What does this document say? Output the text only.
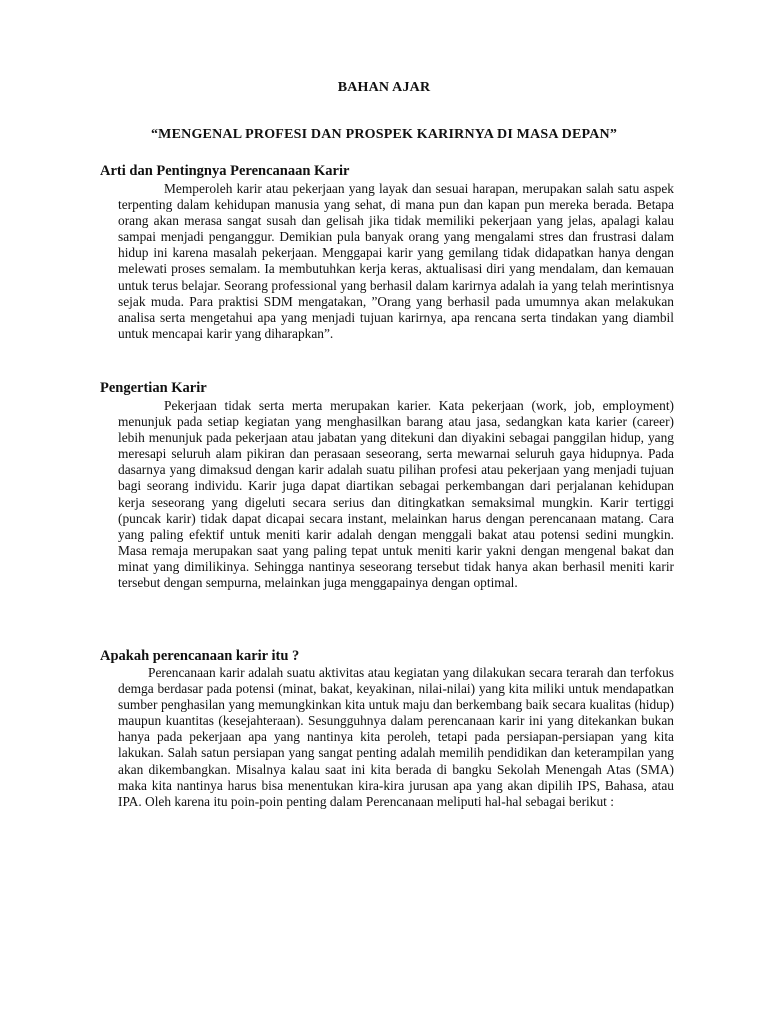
BAHAN AJAR
“MENGENAL PROFESI DAN PROSPEK KARIRNYA DI MASA DEPAN”
Arti dan Pentingnya Perencanaan Karir

Memperoleh karir atau pekerjaan yang layak dan sesuai harapan, merupakan salah satu aspek terpenting dalam kehidupan manusia yang sehat, di mana pun dan kapan pun mereka berada. Betapa orang akan merasa sangat susah dan gelisah jika tidak memiliki pekerjaan yang jelas, apalagi kalau sampai menjadi penganggur. Demikian pula banyak orang yang mengalami stres dan frustrasi dalam hidup ini karena masalah pekerjaan. Menggapai karir yang gemilang tidak didapatkan hanya dengan melewati proses semalam. Ia membutuhkan kerja keras, aktualisasi diri yang mendalam, dan kemauan untuk terus belajar. Seorang professional yang berhasil dalam karirnya adalah ia yang telah merintisnya sejak muda. Para praktisi SDM mengatakan, ”Orang yang berhasil pada umumnya akan melakukan analisa serta mengetahui apa yang menjadi tujuan karirnya, apa rencana serta tindakan yang diambil untuk mencapai karir yang diharapkan”.

Pengertian Karir

Pekerjaan tidak serta merta merupakan karier. Kata pekerjaan (work, job, employment) menunjuk pada setiap kegiatan yang menghasilkan barang atau jasa, sedangkan kata karier (career) lebih menunjuk pada pekerjaan atau jabatan yang ditekuni dan diyakini sebagai panggilan hidup, yang meresapi seluruh alam pikiran dan perasaan seseorang, serta mewarnai seluruh gaya hidupnya. Pada dasarnya yang dimaksud dengan karir adalah suatu pilihan profesi atau pekerjaan yang menjadi tujuan bagi seorang individu. Karir juga dapat diartikan sebagai perkembangan dari perjalanan kehidupan kerja seseorang yang digeluti secara serius dan ditingkatkan semaksimal mungkin. Karir tertiggi (puncak karir) tidak dapat dicapai secara instant, melainkan harus dengan perencanaan matang. Cara yang paling efektif untuk meniti karir adalah dengan menggali bakat atau potensi sedini mungkin. Masa remaja merupakan saat yang paling tepat untuk meniti karir yakni dengan mengenal bakat dan minat yang dimilikinya. Sehingga nantinya seseorang tersebut tidak hanya akan berhasil meniti karir tersebut dengan sempurna, melainkan juga menggapainya dengan optimal.

Apakah perencanaan karir itu ?

Perencanaan karir adalah suatu aktivitas atau kegiatan yang dilakukan secara terarah dan terfokus demga berdasar pada potensi (minat, bakat, keyakinan, nilai-nilai) yang kita miliki untuk mendapatkan sumber penghasilan yang memungkinkan kita untuk maju dan berkembang baik secara kualitas (hidup) maupun kuantitas (kesejahteraan). Sesungguhnya dalam perencanaan karir ini yang ditekankan bukan hanya pada pekerjaan apa yang nantinya kita peroleh, tetapi pada persiapan-persiapan yang kita lakukan. Salah satun persiapan yang sangat penting adalah memilih pendidikan dan keterampilan yang akan dikembangkan. Misalnya kalau saat ini kita berada di bangku Sekolah Menengah Atas (SMA) maka kita nantinya harus bisa menentukan kira-kira jurusan apa yang akan dipilih IPS, Bahasa, atau IPA. Oleh karena itu poin-poin penting dalam Perencanaan meliputi hal-hal sebagai berikut :
